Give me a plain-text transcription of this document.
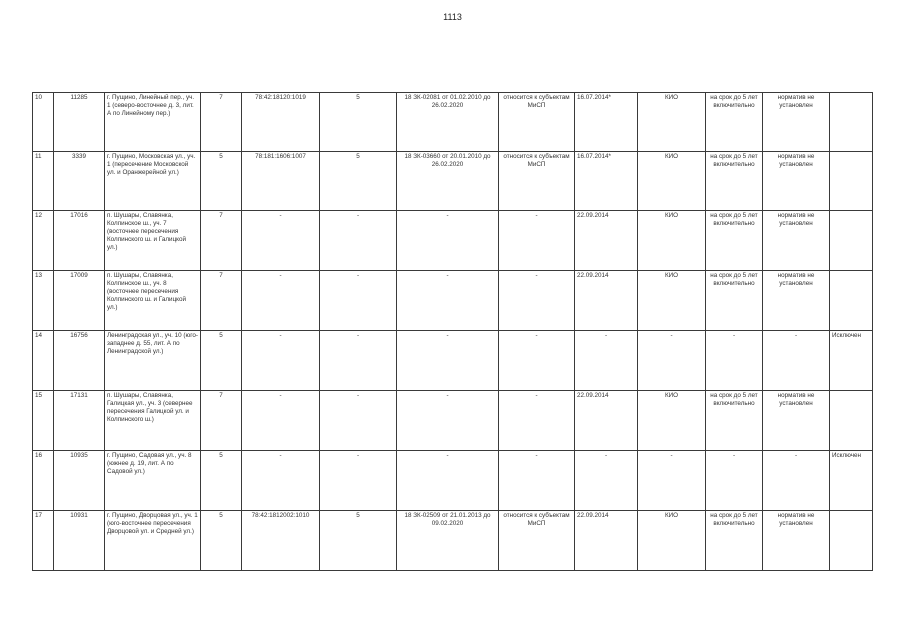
1113
10	11285	г. Пущино, Линейный пер., уч. 1 (северо-восточнее д. 3, лит. А по Линейному пер.)	7	78:42:18120:1019	5	18 ЗК-02081 от 01.02.2010 до 26.02.2020	относится к субъектам МиСП	16.07.2014*	КИО	на срок до 5 лет включительно	норматив не установлен	
11	3339	г. Пущино, Московская ул., уч. 1 (пересечение Московской ул. и Оранжерейной ул.)	5	78:181:1606:1007	5	18 ЗК-03660 от 20.01.2010 до 26.02.2020	относится к субъектам МиСП	16.07.2014*	КИО	на срок до 5 лет включительно	норматив не установлен	
12	17016	п. Шушары, Славянка, Колпинское ш., уч. 7 (восточнее пересечения Колпинского ш. и Галицкой ул.)	7	-	-	-	-	22.09.2014	КИО	на срок до 5 лет включительно	норматив не установлен	
13	17009	п. Шушары, Славянка, Колпинское ш., уч. 8 (восточнее пересечения Колпинского ш. и Галицкой ул.)	7	-	-	-	-	22.09.2014	КИО	на срок до 5 лет включительно	норматив не установлен	
14	16756	Ленинградская ул., уч. 10 (юго-западнее д. 55, лит. А по Ленинградской ул.)	5	-	-	-	-	-	-	-	-	Исключен
15	17131	п. Шушары, Славянка, Галицкая ул., уч. 3 (севернее пересечения Галицкой ул. и Колпинского ш.)	7	-	-	-	-	22.09.2014	КИО	на срок до 5 лет включительно	норматив не установлен	
16	10935	г. Пущино, Садовая ул., уч. 8 (южнее д. 19, лит. А по Садовой ул.)	5	-	-	-	-	-	-	-	-	Исключен
17	10931	г. Пущино, Дворцовая ул., уч. 1 (юго-восточнее пересечения Дворцовой ул. и Средней ул.)	5	78:42:1812002:1010	5	18 ЗК-02509 от 21.01.2013 до 09.02.2020	относится к субъектам МиСП	22.09.2014	КИО	на срок до 5 лет включительно	норматив не установлен	
